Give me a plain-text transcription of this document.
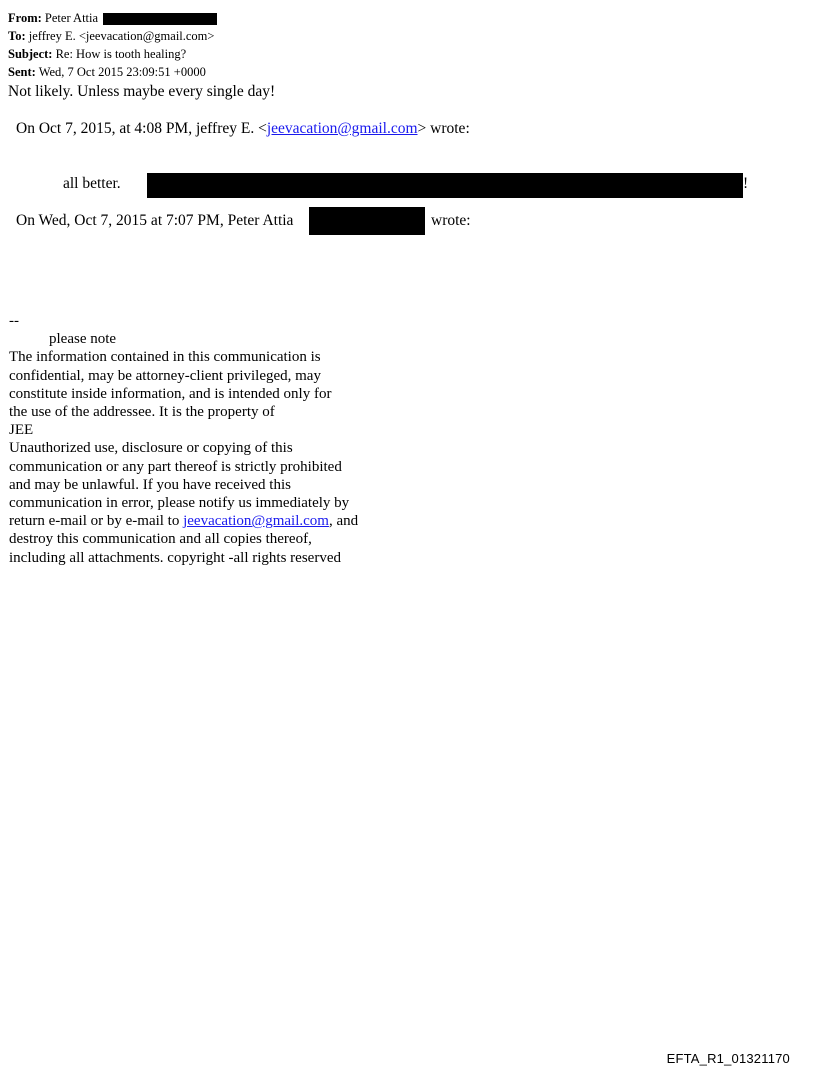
From: Peter Attia
To: jeffrey E. <jeevacation@gmail.com>
Subject: Re: How is tooth healing?
Sent: Wed, 7 Oct 2015 23:09:51 +0000
Not likely. Unless maybe every single day!
On Oct 7, 2015, at 4:08 PM, jeffrey E. <jeevacation@gmail.com> wrote:
all better.	!
On Wed, Oct 7, 2015 at 7:07 PM, Peter Attia	wrote:
--
please note
The information contained in this communication is
confidential, may be attorney-client privileged, may
constitute inside information, and is intended only for
the use of the addressee. It is the property of
JEE
Unauthorized use, disclosure or copying of this
communication or any part thereof is strictly prohibited
and may be unlawful. If you have received this
communication in error, please notify us immediately by
return e-mail or by e-mail to jeevacation@gmail.com, and
destroy this communication and all copies thereof,
including all attachments. copyright -all rights reserved
EFTA_R1_01321170
